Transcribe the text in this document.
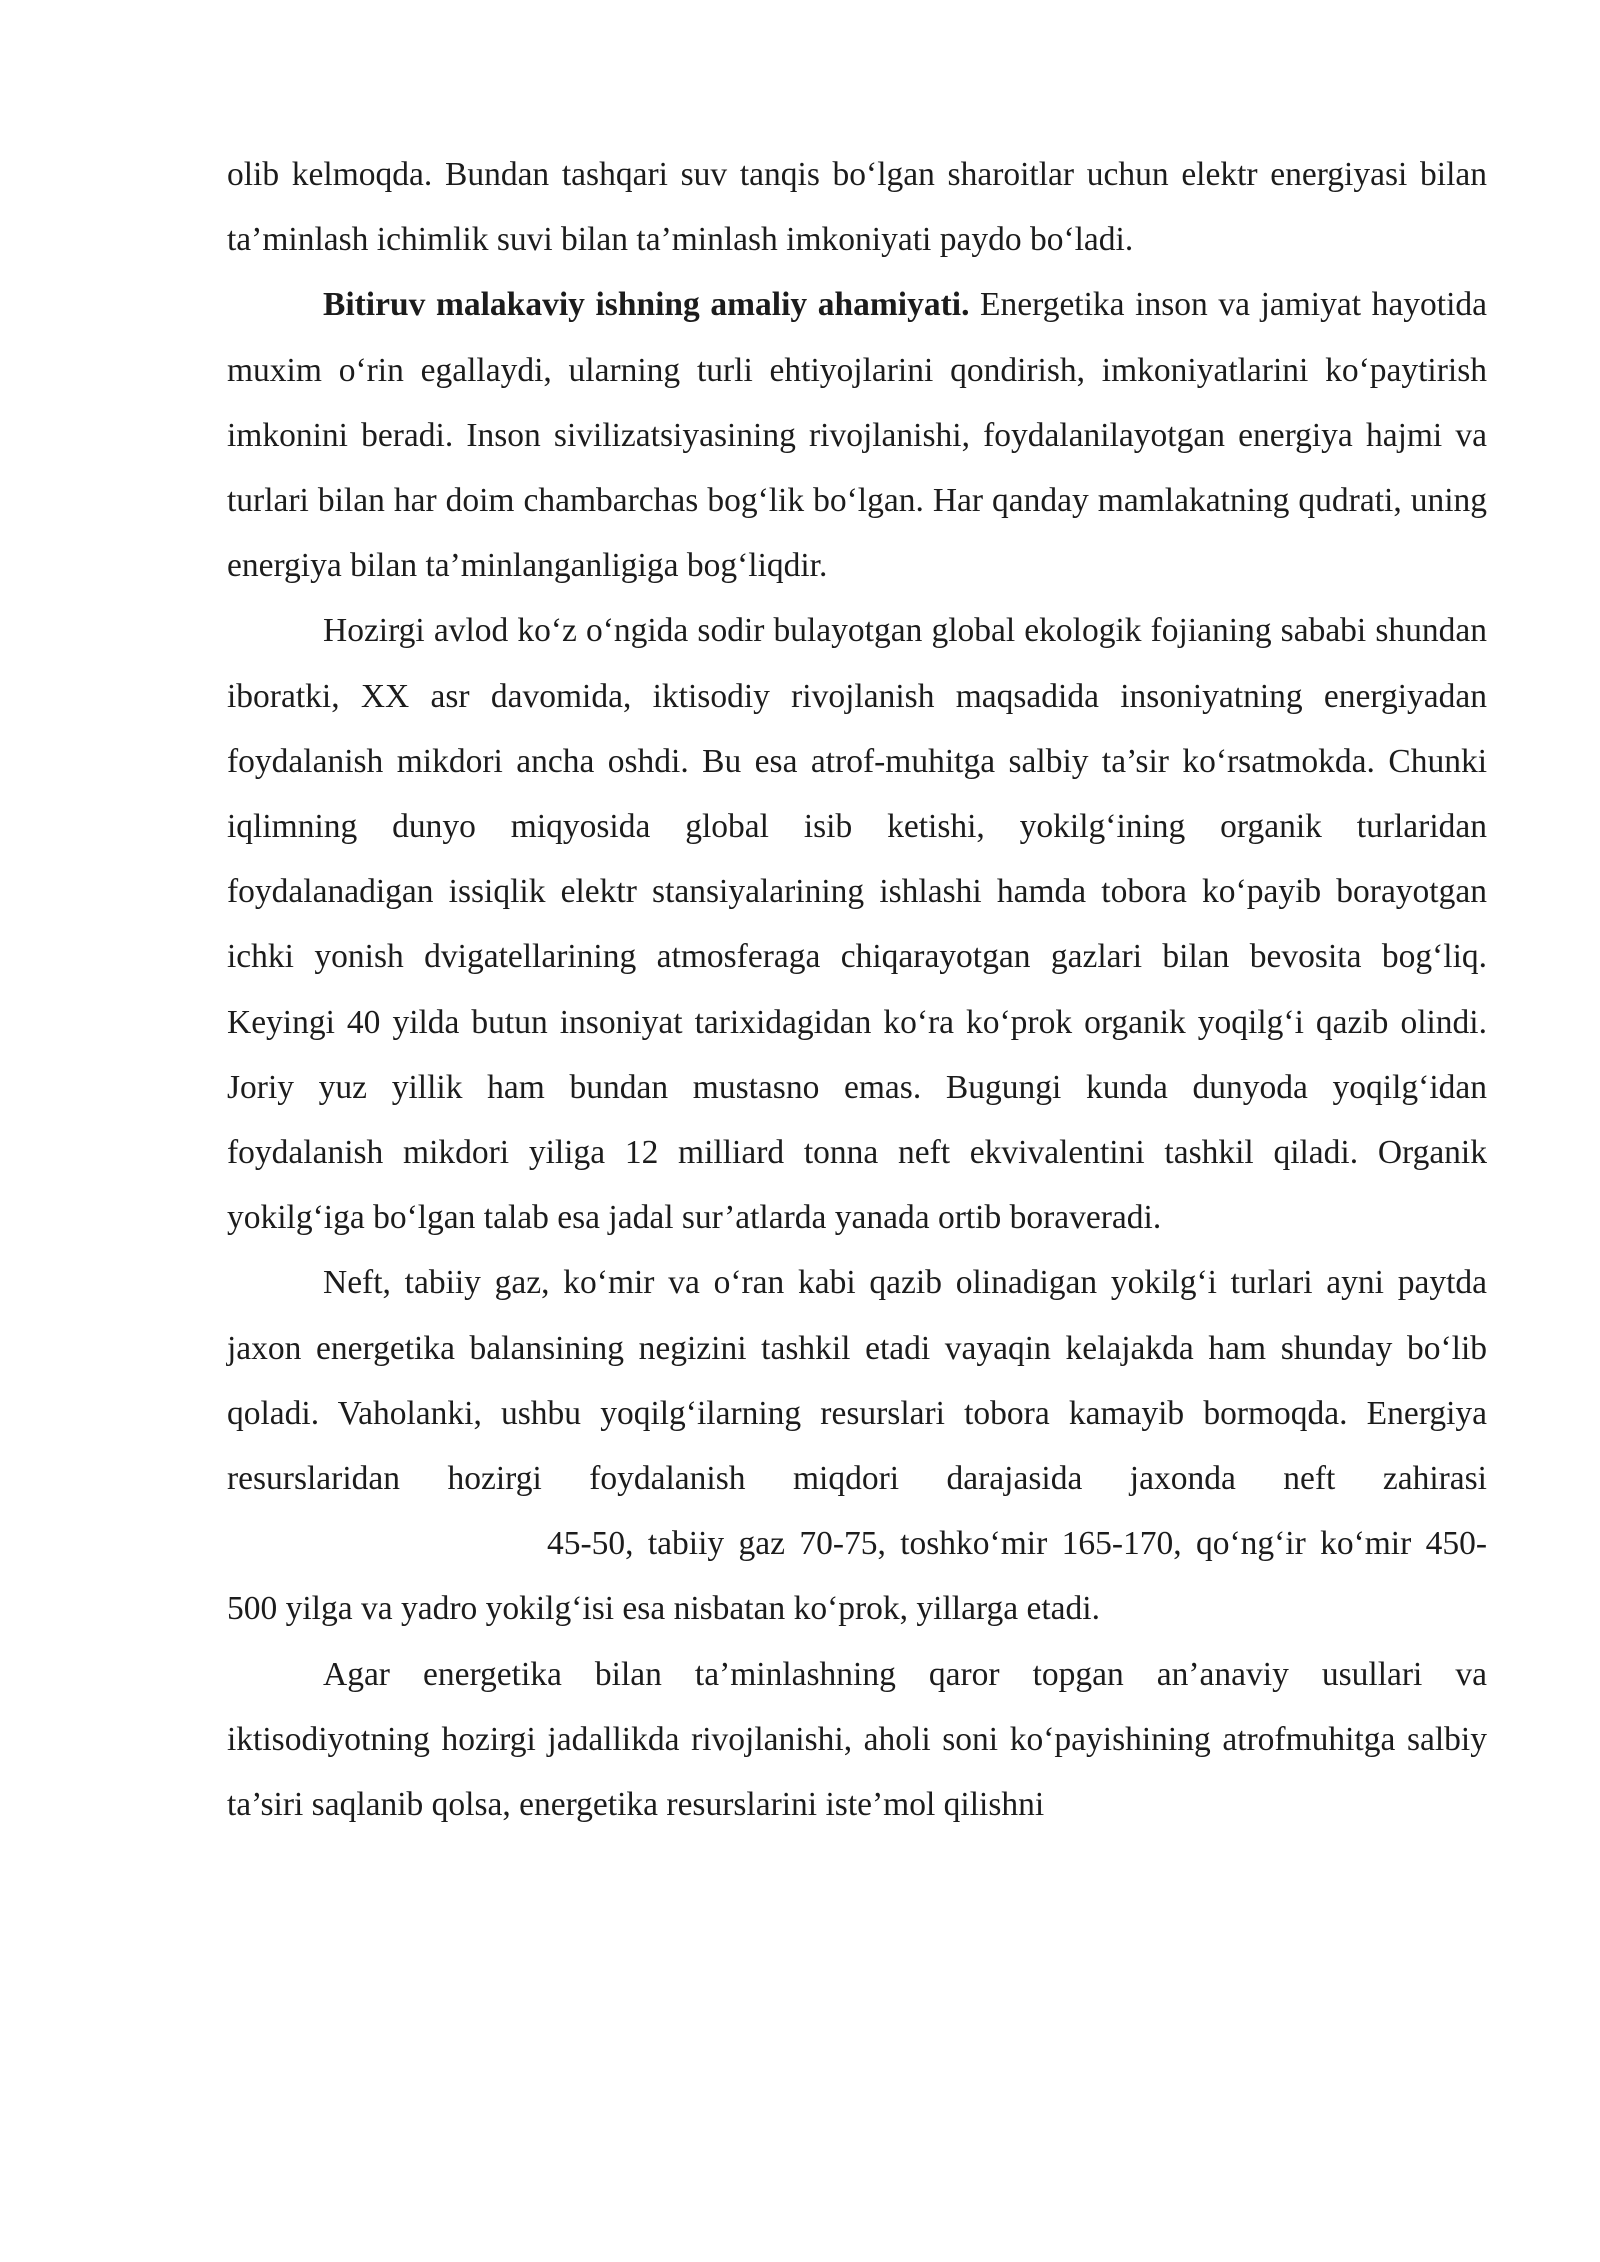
olib kelmoqda. Bundan tashqari suv tanqis bo‘lgan sharoitlar uchun elektr energiyasi bilan ta’minlash ichimlik suvi bilan ta’minlash imkoniyati paydo bo‘ladi.

Bitiruv malakaviy ishning amaliy ahamiyati. Energetika inson va jamiyat hayotida muxim o‘rin egallaydi, ularning turli ehtiyojlarini qondirish, imkoniyatlarini ko‘paytirish imkonini beradi. Inson sivilizatsiyasining rivojlanishi, foydalanilayotgan energiya hajmi va turlari bilan har doim chambarchas bog‘lik bo‘lgan. Har qanday mamlakatning qudrati, uning energiya bilan ta’minlanganligiga bog‘liqdir.

Hozirgi avlod ko‘z o‘ngida sodir bulayotgan global ekologik fojianing sababi shundan iboratki, XX asr davomida, iktisodiy rivojlanish maqsadida insoniyatning energiyadan foydalanish mikdori ancha oshdi. Bu esa atrof-muhitga salbiy ta’sir ko‘rsatmokda. Chunki iqlimning dunyo miqyosida global isib ketishi, yokilg‘ining organik turlaridan foydalanadigan issiqlik elektr stansiyalarining ishlashi hamda tobora ko‘payib borayotgan ichki yonish dvigatellarining atmosferaga chiqarayotgan gazlari bilan bevosita bog‘liq. Keyingi 40 yilda butun insoniyat tarixidagidan ko‘ra ko‘prok organik yoqilg‘i qazib olindi. Joriy yuz yillik ham bundan mustasno emas. Bugungi kunda dunyoda yoqilg‘idan foydalanish mikdori yiliga 12 milliard tonna neft ekvivalentini tashkil qiladi. Organik yokilg‘iga bo‘lgan talab esa jadal sur’atlarda yanada ortib boraveradi.

Neft, tabiiy gaz, ko‘mir va o‘ran kabi qazib olinadigan yokilg‘i turlari ayni paytda jaxon energetika balansining negizini tashkil etadi vayaqin kelajakda ham shunday bo‘lib qoladi. Vaholanki, ushbu yoqilg‘ilarning resurslari tobora kamayib bormoqda. Energiya resurslaridan hozirgi foydalanish miqdori darajasida jaxonda neft zahirasi45-50, tabiiy gaz 70-75, toshko‘mir 165-170, qo‘ng‘ir ko‘mir 450-500 yilga va yadro yokilg‘isi esa nisbatan ko‘prok, yillarga etadi.

Agar energetika bilan ta’minlashning qaror topgan an’anaviy usullari va iktisodiyotning hozirgi jadallikda rivojlanishi, aholi soni ko‘payishining atrofmuhitga salbiy ta’siri saqlanib qolsa, energetika resurslarini iste’mol qilishni
